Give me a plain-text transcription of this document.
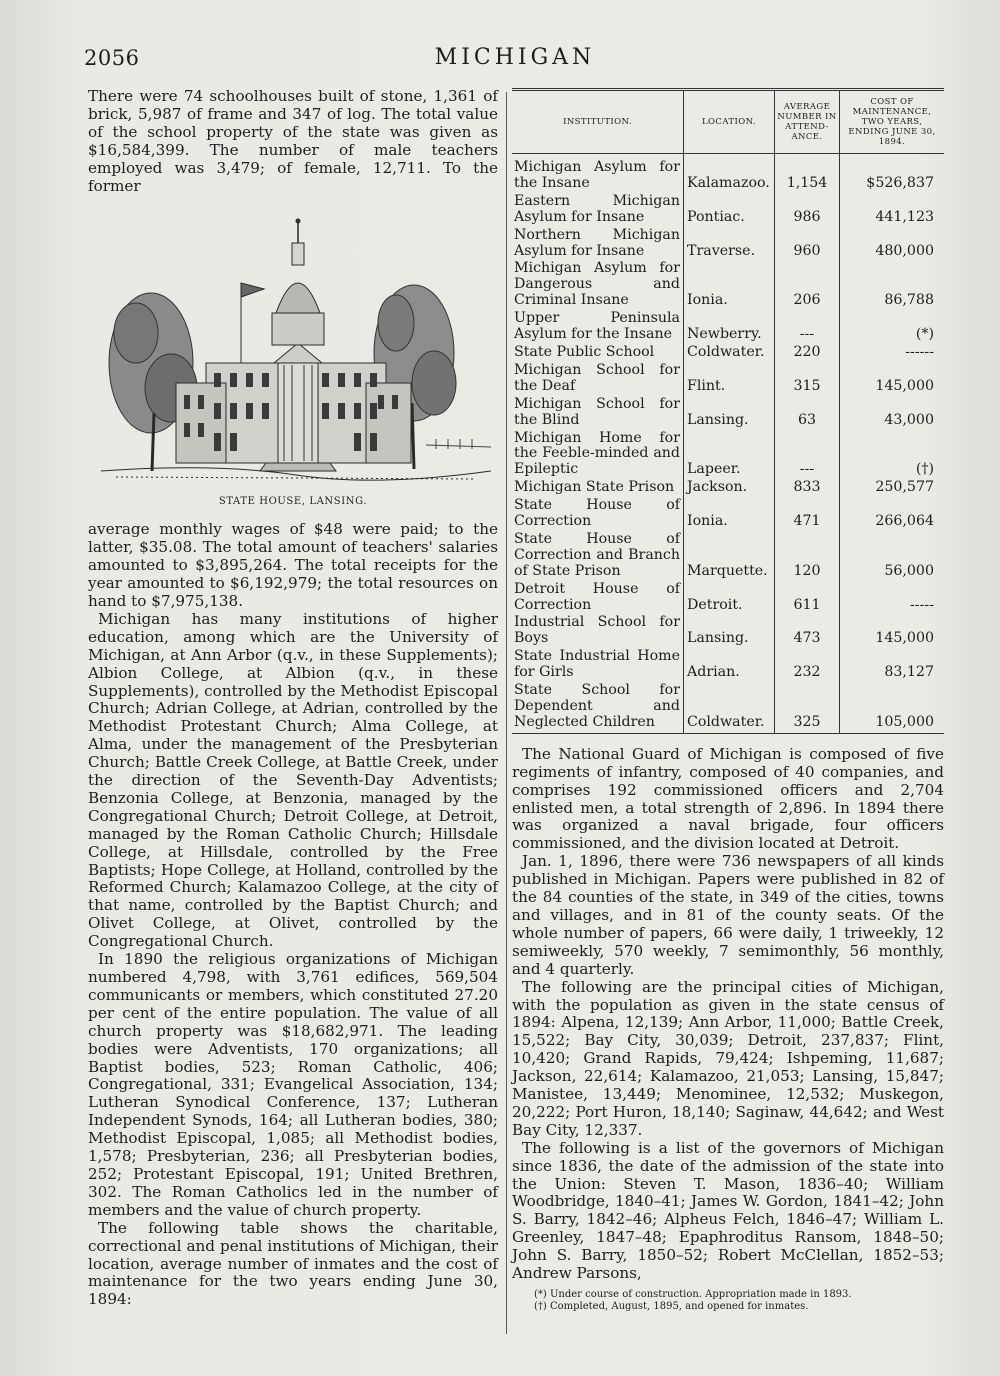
2056	MICHIGAN

There were 74 schoolhouses built of stone, 1,361 of brick, 5,987 of frame and 347 of log. The total value of the school property of the state was given as $16,584,399. The number of male teachers employed was 3,479; of female, 12,711. To the former

STATE HOUSE, LANSING.

average monthly wages of $48 were paid; to the latter, $35.08. The total amount of teachers' salaries amounted to $3,895,264. The total receipts for the year amounted to $6,192,979; the total resources on hand to $7,975,138.

Michigan has many institutions of higher education, among which are the University of Michigan, at Ann Arbor (q.v., in these Supplements); Albion College, at Albion (q.v., in these Supplements), controlled by the Methodist Episcopal Church; Adrian College, at Adrian, controlled by the Methodist Protestant Church; Alma College, at Alma, under the management of the Presbyterian Church; Battle Creek College, at Battle Creek, under the direction of the Seventh-Day Adventists; Benzonia College, at Benzonia, managed by the Congregational Church; Detroit College, at Detroit, managed by the Roman Catholic Church; Hillsdale College, at Hillsdale, controlled by the Free Baptists; Hope College, at Holland, controlled by the Reformed Church; Kalamazoo College, at the city of that name, controlled by the Baptist Church; and Olivet College, at Olivet, controlled by the Congregational Church.

In 1890 the religious organizations of Michigan numbered 4,798, with 3,761 edifices, 569,504 communicants or members, which constituted 27.20 per cent of the entire population. The value of all church property was $18,682,971. The leading bodies were Adventists, 170 organizations; all Baptist bodies, 523; Roman Catholic, 406; Congregational, 331; Evangelical Association, 134; Lutheran Synodical Conference, 137; Lutheran Independent Synods, 164; all Lutheran bodies, 380; Methodist Episcopal, 1,085; all Methodist bodies, 1,578; Presbyterian, 236; all Presbyterian bodies, 252; Protestant Episcopal, 191; United Brethren, 302. The Roman Catholics led in the number of members and the value of church property.

The following table shows the charitable, correctional and penal institutions of Michigan, their location, average number of inmates and the cost of maintenance for the two years ending June 30, 1894:

INSTITUTION.	LOCATION.	AVERAGE NUMBER IN ATTEND-ANCE.	COST OF MAINTENANCE, TWO YEARS, ENDING JUNE 30, 1894.
Michigan Asylum for the Insane	Kalamazoo.	1,154	$526,837
Eastern Michigan Asylum for Insane	Pontiac.	986	441,123
Northern Michigan Asylum for Insane	Traverse.	960	480,000
Michigan Asylum for Dangerous and Criminal Insane	Ionia.	206	86,788
Upper Peninsula Asylum for the Insane	Newberry.	---	(*)
State Public School	Coldwater.	220	------
Michigan School for the Deaf	Flint.	315	145,000
Michigan School for the Blind	Lansing.	63	43,000
Michigan Home for the Feeble-minded and Epileptic	Lapeer.	---	(†)
Michigan State Prison	Jackson.	833	250,577
State House of Correction	Ionia.	471	266,064
State House of Correction and Branch of State Prison	Marquette.	120	56,000
Detroit House of Correction	Detroit.	611	-----
Industrial School for Boys	Lansing.	473	145,000
State Industrial Home for Girls	Adrian.	232	83,127
State School for Dependent and Neglected Children	Coldwater.	325	105,000

The National Guard of Michigan is composed of five regiments of infantry, composed of 40 companies, and comprises 192 commissioned officers and 2,704 enlisted men, a total strength of 2,896. In 1894 there was organized a naval brigade, four officers commissioned, and the division located at Detroit.

Jan. 1, 1896, there were 736 newspapers of all kinds published in Michigan. Papers were published in 82 of the 84 counties of the state, in 349 of the cities, towns and villages, and in 81 of the county seats. Of the whole number of papers, 66 were daily, 1 triweekly, 12 semiweekly, 570 weekly, 7 semimonthly, 56 monthly, and 4 quarterly.

The following are the principal cities of Michigan, with the population as given in the state census of 1894: Alpena, 12,139; Ann Arbor, 11,000; Battle Creek, 15,522; Bay City, 30,039; Detroit, 237,837; Flint, 10,420; Grand Rapids, 79,424; Ishpeming, 11,687; Jackson, 22,614; Kalamazoo, 21,053; Lansing, 15,847; Manistee, 13,449; Menominee, 12,532; Muskegon, 20,222; Port Huron, 18,140; Saginaw, 44,642; and West Bay City, 12,337.

The following is a list of the governors of Michigan since 1836, the date of the admission of the state into the Union: Steven T. Mason, 1836–40; William Woodbridge, 1840–41; James W. Gordon, 1841–42; John S. Barry, 1842–46; Alpheus Felch, 1846–47; William L. Greenley, 1847–48; Epaphroditus Ransom, 1848–50; John S. Barry, 1850–52; Robert McClellan, 1852–53; Andrew Parsons,

(*) Under course of construction. Appropriation made in 1893.
(†) Completed, August, 1895, and opened for inmates.
